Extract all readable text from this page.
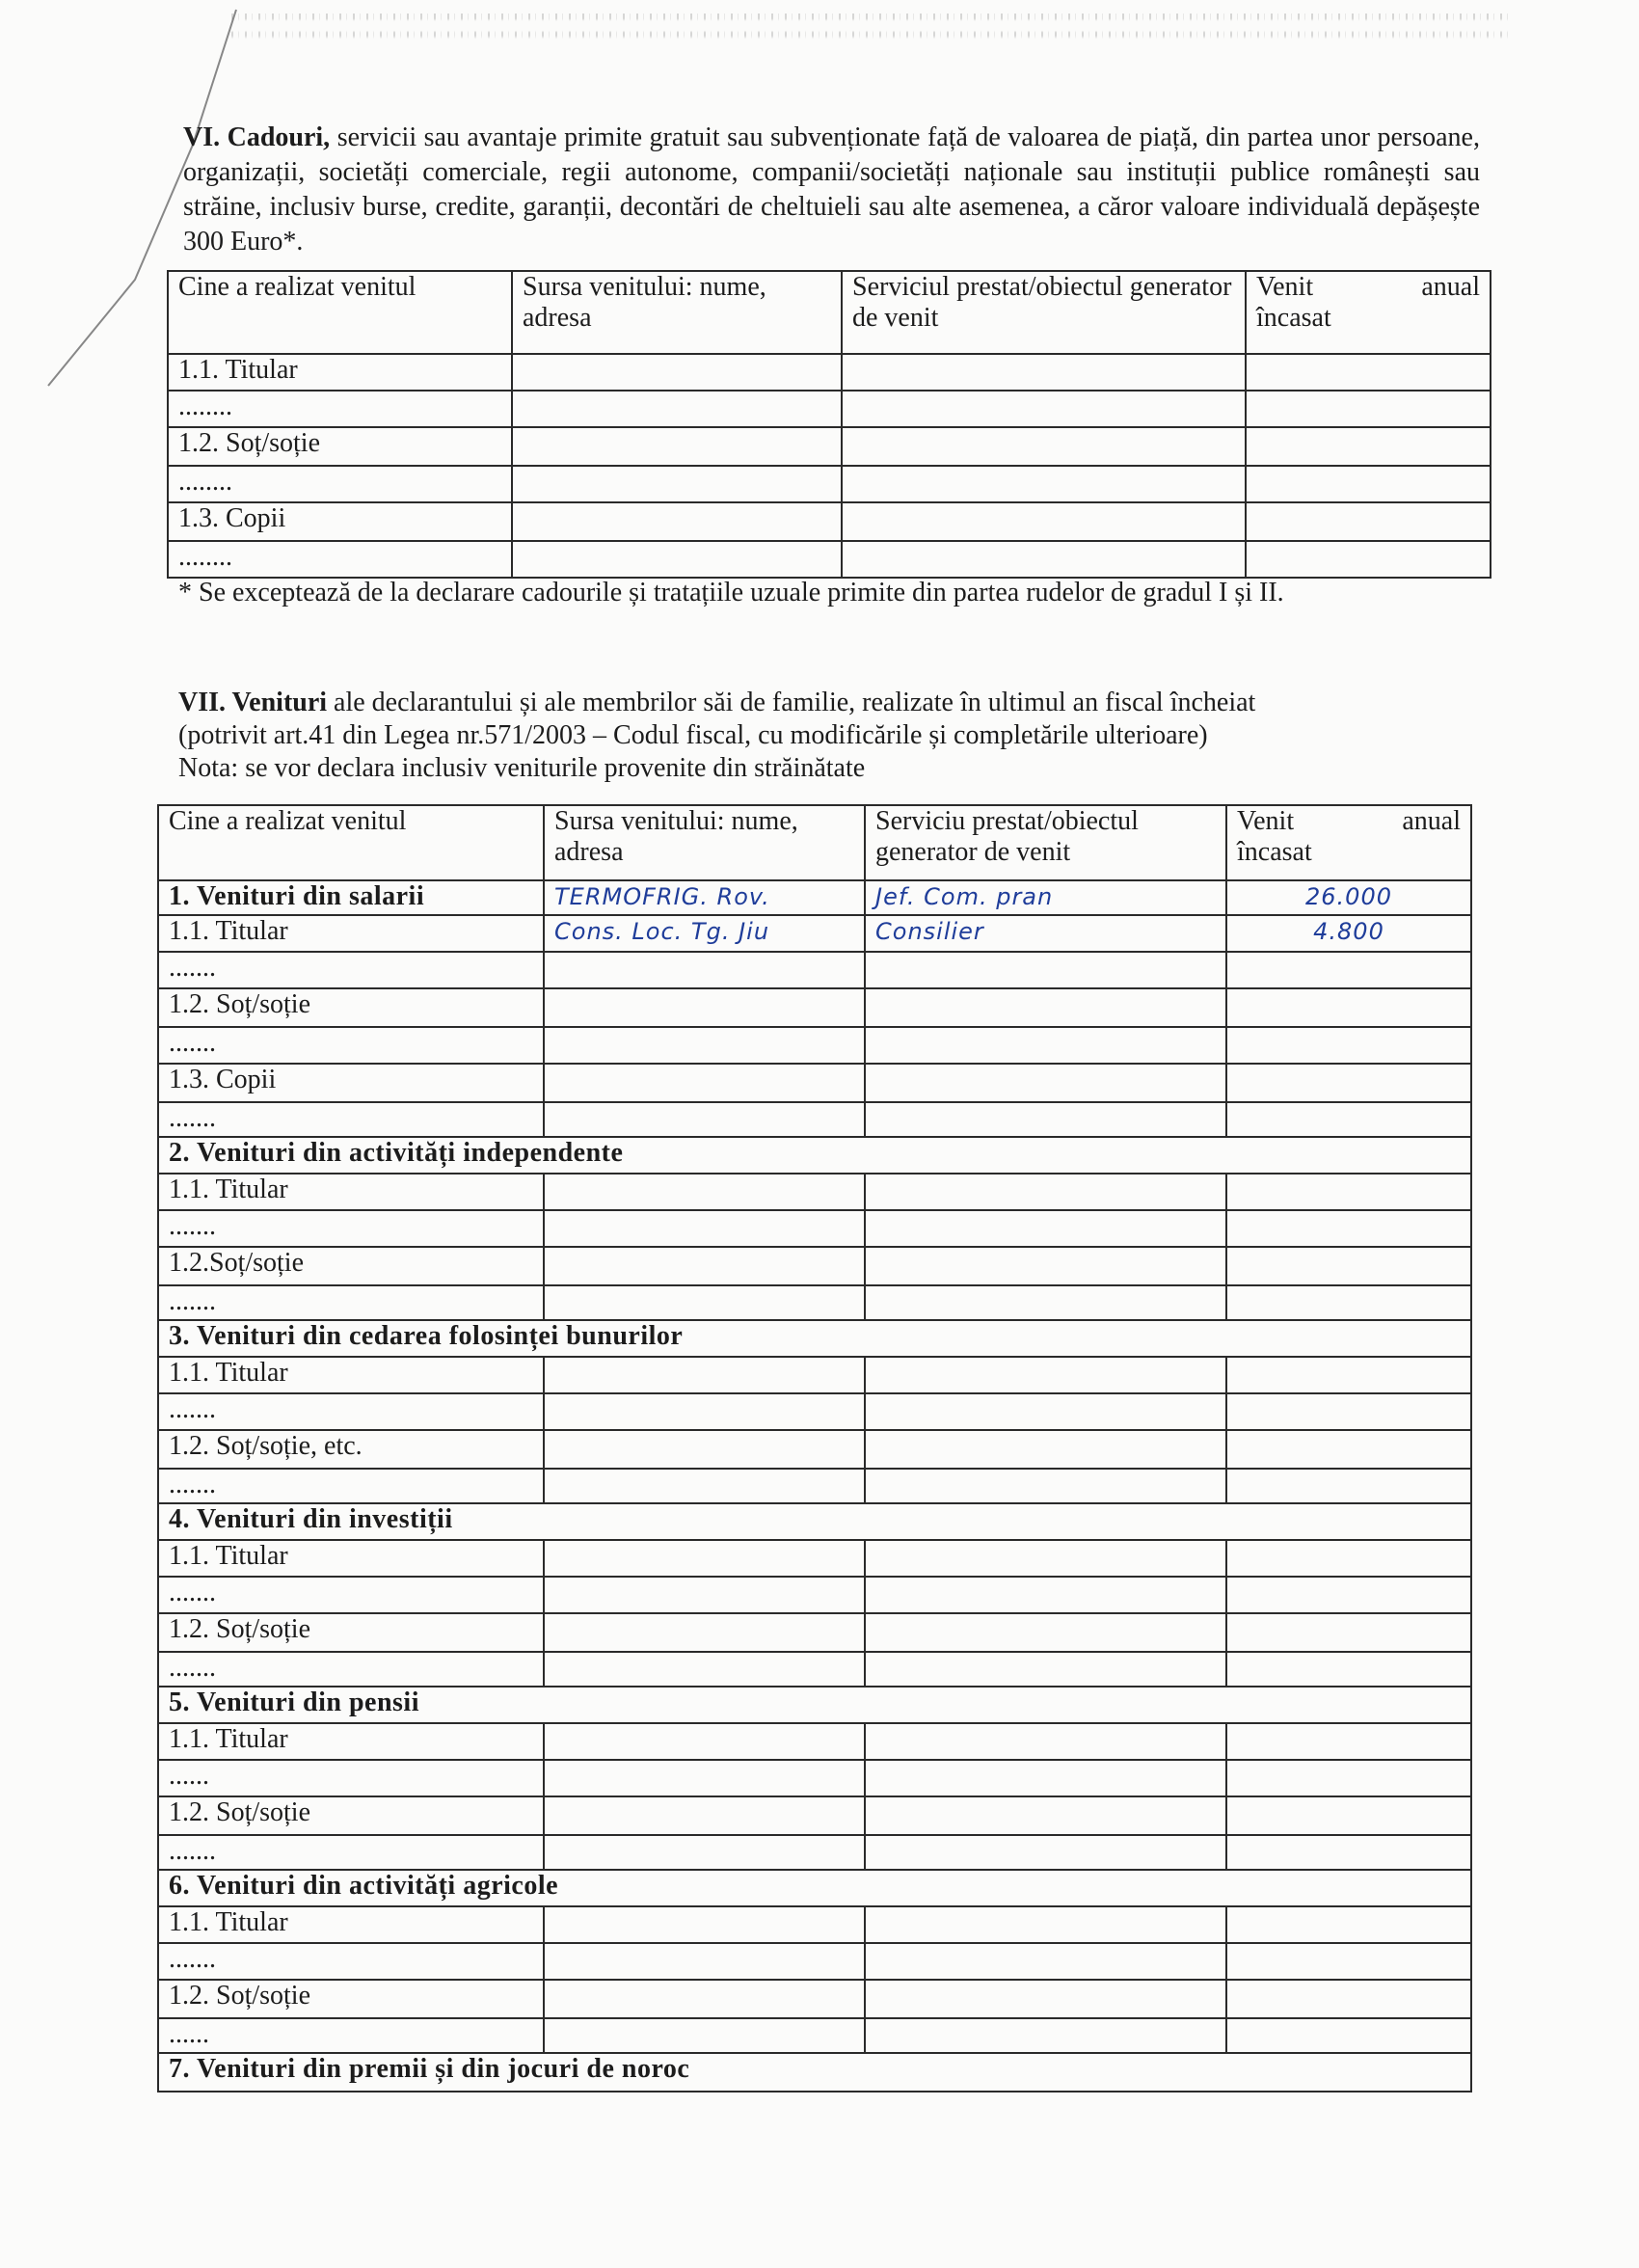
VI. Cadouri, servicii sau avantaje primite gratuit sau subvenționate față de valoarea de piață, din partea unor persoane, organizații, societăți comerciale, regii autonome, companii/societăți naționale sau instituții publice românești sau străine, inclusiv burse, credite, garanții, decontări de cheltuieli sau alte asemenea, a căror valoare individuală depășește 300 Euro*.
Cine a realizat venitul	Sursa venitului: nume, adresa	Serviciul prestat/obiectul generator de venit	Venit anual
încasat

1.1. Titular			
........			
1.2. Soț/soție			
........			
1.3. Copii			
........			
* Se exceptează de la declarare cadourile și tratațiile uzuale primite din partea rudelor de gradul I și II.
VII. Venituri ale declarantului și ale membrilor săi de familie, realizate în ultimul an fiscal încheiat
(potrivit art.41 din Legea nr.571/2003 – Codul fiscal, cu modificările și completările ulterioare)
Nota: se vor declara inclusiv veniturile provenite din străinătate
Cine a realizat venitul	Sursa venitului: nume, adresa	Serviciu prestat/obiectul generator de venit	Venit anual
încasat

1. Venituri din salarii	TERMOFRIG. Rov.	Jef. Com. pran	26.000
1.1. Titular	Cons. Loc. Tg. Jiu	Consilier	4.800
.......			
1.2. Soț/soție			
.......			
1.3. Copii			
.......			
2. Venituri din activități independente			
1.1. Titular			
.......			
1.2.Soț/soție			
.......			
3. Venituri din cedarea folosinței bunurilor			
1.1. Titular			
.......			
1.2. Soț/soție, etc.			
.......			
4. Venituri din investiții			
1.1. Titular			
.......			
1.2. Soț/soție			
.......			
5. Venituri din pensii			
1.1. Titular			
......			
1.2. Soț/soție			
.......			
6. Venituri din activități agricole			
1.1. Titular			
.......			
1.2. Soț/soție			
......			
7. Venituri din premii și din jocuri de noroc			
